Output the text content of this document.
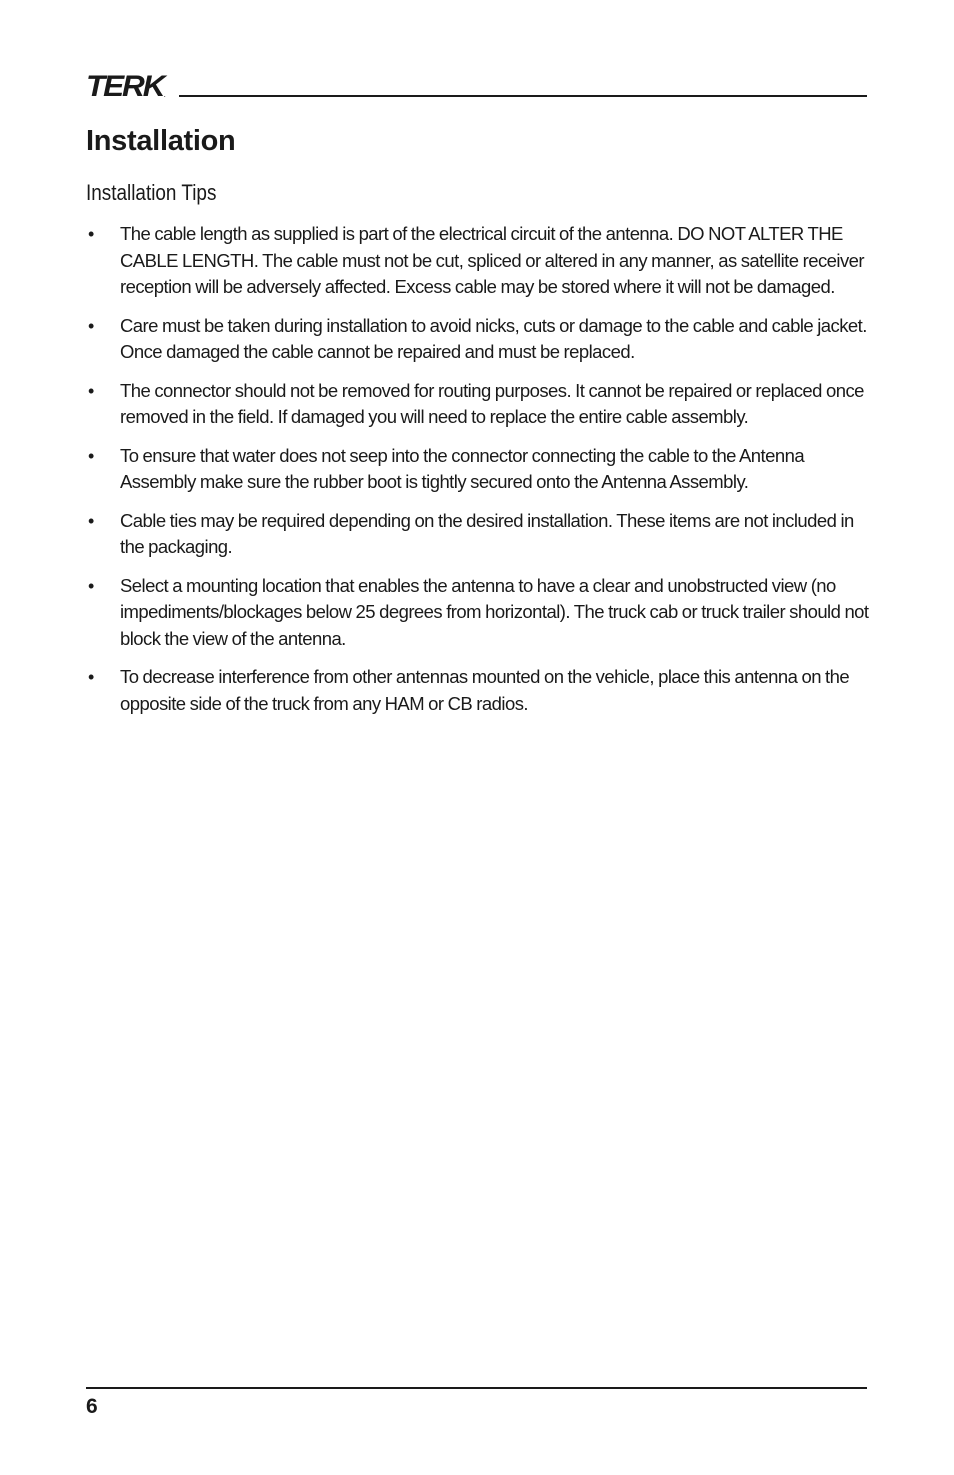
TERK .
Installation
Installation Tips
• The cable length as supplied is part of the electrical circuit of the antenna. DO NOT ALTER THE CABLE LENGTH. The cable must not be cut, spliced or altered in any manner, as satellite receiver reception will be adversely affected. Excess cable may be stored where it will not be damaged.
• Care must be taken during installation to avoid nicks, cuts or damage to the cable and cable jacket. Once damaged the cable cannot be repaired and must be replaced.
• The connector should not be removed for routing purposes. It cannot be repaired or replaced once removed in the field. If damaged you will need to replace the entire cable assembly.
• To ensure that water does not seep into the connector connecting the cable to the Antenna Assembly make sure the rubber boot is tightly secured onto the Antenna Assembly.
• Cable ties may be required depending on the desired installation. These items are not included in the packaging.
• Select a mounting location that enables the antenna to have a clear and unobstructed view (no impediments/blockages below 25 degrees from horizontal). The truck cab or truck trailer should not block the view of the antenna.
• To decrease interference from other antennas mounted on the vehicle, place this antenna on the opposite side of the truck from any HAM or CB radios.
6
